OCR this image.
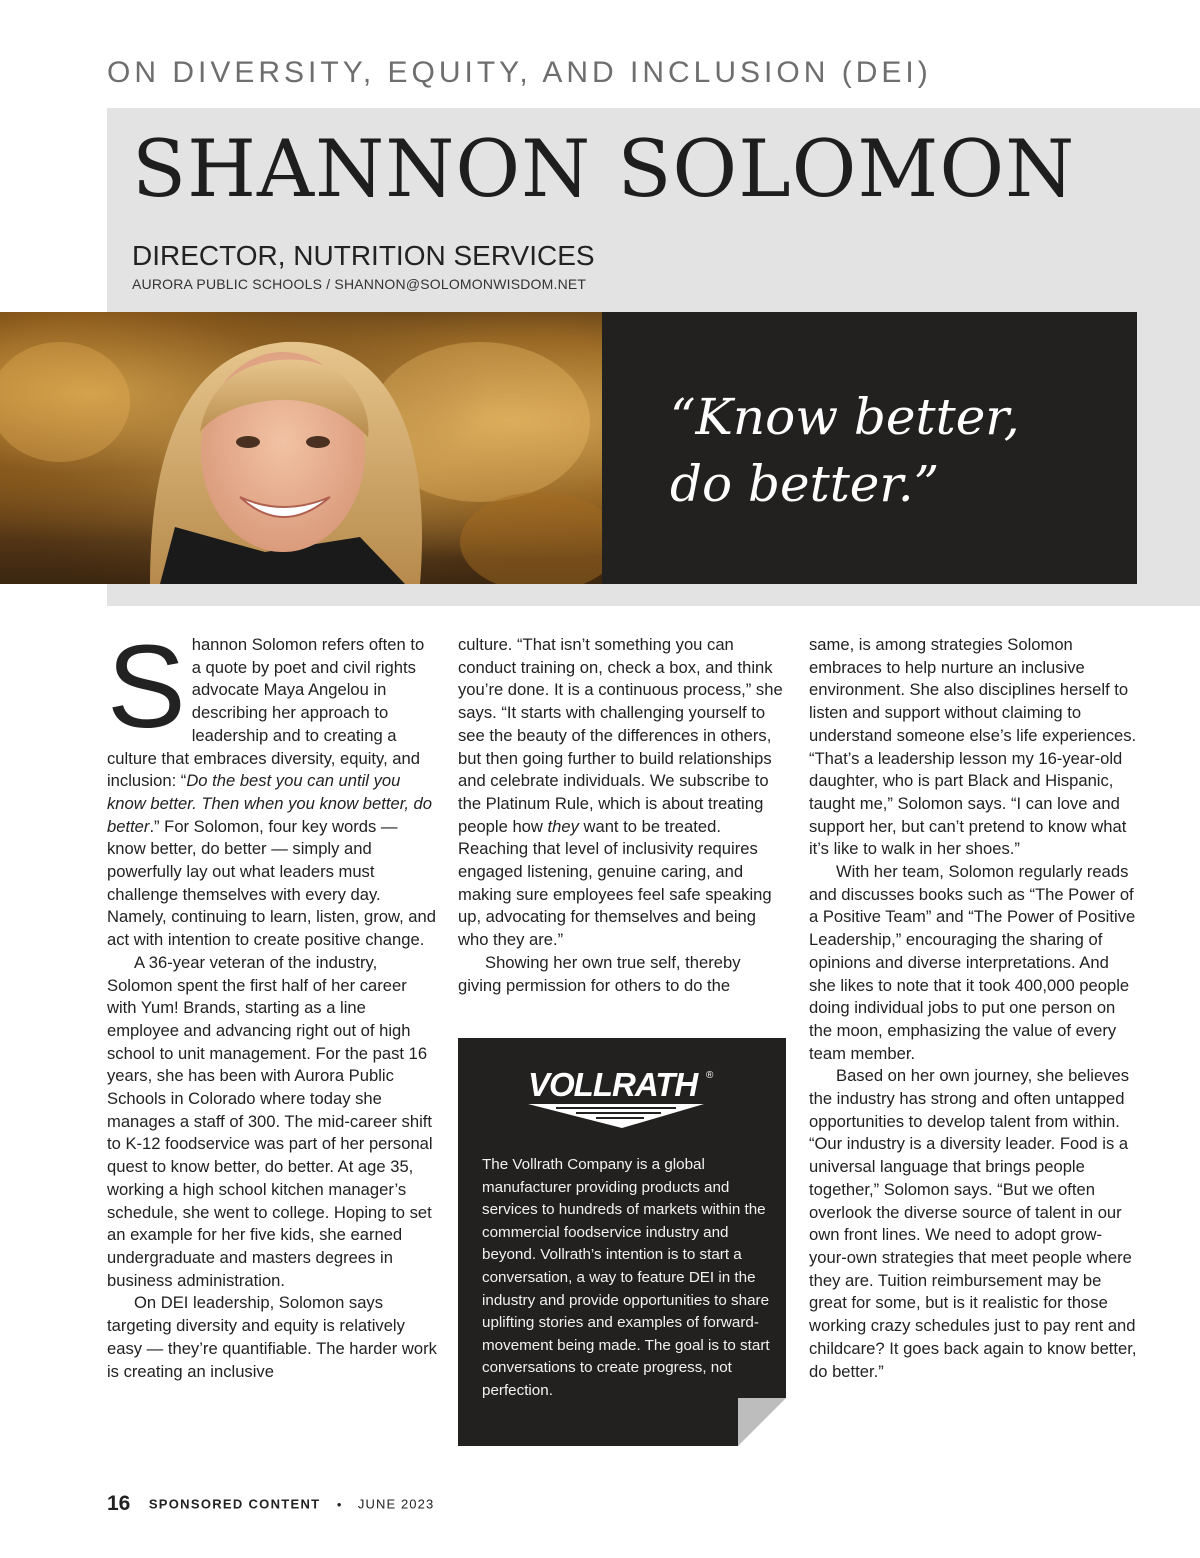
ON DIVERSITY, EQUITY, AND INCLUSION (DEI)
SHANNON SOLOMON
DIRECTOR, NUTRITION SERVICES
AURORA PUBLIC SCHOOLS / SHANNON@SOLOMONWISDOM.NET
“Know better,
do better.”

Shannon Solomon refers often to a quote by poet and civil rights advocate Maya Angelou in describing her approach to leadership and to creating a culture that embraces diversity, equity, and inclusion: “Do the best you can until you know better. Then when you know better, do better.” For Solomon, four key words — know better, do better — simply and powerfully lay out what leaders must challenge themselves with every day. Namely, continuing to learn, listen, grow, and act with intention to create positive change.

A 36-year veteran of the industry, Solomon spent the first half of her career with Yum! Brands, starting as a line employee and advancing right out of high school to unit management. For the past 16 years, she has been with Aurora Public Schools in Colorado where today she manages a staff of 300. The mid-career shift to K-12 foodservice was part of her personal quest to know better, do better. At age 35, working a high school kitchen manager’s schedule, she went to college. Hoping to set an example for her five kids, she earned undergraduate and masters degrees in business administration.

On DEI leadership, Solomon says targeting diversity and equity is relatively easy — they’re quantifiable. The harder work is creating an inclusive

culture. “That isn’t something you can conduct training on, check a box, and think you’re done. It is a continuous process,” she says. “It starts with challenging yourself to see the beauty of the differences in others, but then going further to build relationships and celebrate individuals. We subscribe to the Platinum Rule, which is about treating people how they want to be treated. Reaching that level of inclusivity requires engaged listening, genuine caring, and making sure employees feel safe speaking up, advocating for themselves and being who they are.”

Showing her own true self, thereby giving permission for others to do the

VOLLRATH ®

The Vollrath Company is a global manufacturer providing products and services to hundreds of markets within the commercial foodservice industry and beyond. Vollrath’s intention is to start a conversation, a way to feature DEI in the industry and provide opportunities to share uplifting stories and examples of forward-movement being made. The goal is to start conversations to create progress, not perfection.

same, is among strategies Solomon embraces to help nurture an inclusive environment. She also disciplines herself to listen and support without claiming to understand someone else’s life experiences. “That’s a leadership lesson my 16-year-old daughter, who is part Black and Hispanic, taught me,” Solomon says. “I can love and support her, but can’t pretend to know what it’s like to walk in her shoes.”

With her team, Solomon regularly reads and discusses books such as “The Power of a Positive Team” and “The Power of Positive Leadership,” encouraging the sharing of opinions and diverse interpretations. And she likes to note that it took 400,000 people doing individual jobs to put one person on the moon, emphasizing the value of every team member.

Based on her own journey, she believes the industry has strong and often untapped opportunities to develop talent from within. “Our industry is a diversity leader. Food is a universal language that brings people together,” Solomon says. “But we often overlook the diverse source of talent in our own front lines. We need to adopt grow-your-own strategies that meet people where they are. Tuition reimbursement may be great for some, but is it realistic for those working crazy schedules just to pay rent and childcare? It goes back again to know better, do better.”

16 SPONSORED CONTENT • JUNE 2023
